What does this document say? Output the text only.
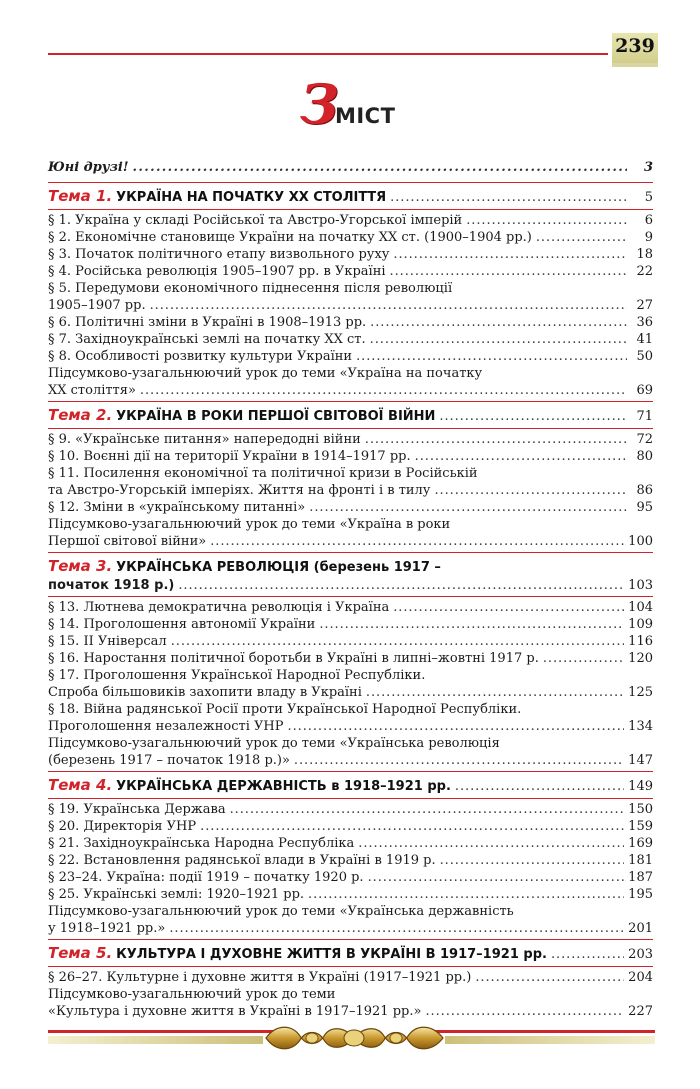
239
ЗМІСТ
Юні друзі! . . .	3
Тема 1. УКРАЇНА НА ПОЧАТКУ XX СТОЛІТТЯ . . .	5
§ 1. Україна у складі Російської та Австро-Угорської імперій . . .	6
§ 2. Економічне становище України на початку XX ст. (1900–1904 рр.) . . .	9
§ 3. Початок політичного етапу визвольного руху . . .	18
§ 4. Російська революція 1905–1907 рр. в Україні . . .	22
§ 5. Передумови економічного піднесення після революції
1905–1907 рр. . . .	27
§ 6. Політичні зміни в Україні в 1908–1913 рр. . . .	36
§ 7. Західноукраїнські землі на початку XX ст. . . .	41
§ 8. Особливості розвитку культури України . . .	50
Підсумково-узагальнюючий урок до теми «Україна на початку
XX століття» . . .	69
Тема 2. УКРАЇНА В РОКИ ПЕРШОЇ СВІТОВОЇ ВІЙНИ . . .	71
§ 9. «Українське питання» напередодні війни . . .	72
§ 10. Воєнні дії на території України в 1914–1917 рр. . . .	80
§ 11. Посилення економічної та політичної кризи в Російській
та Австро-Угорській імперіях. Життя на фронті і в тилу . . .	86
§ 12. Зміни в «українському питанні» . . .	95
Підсумково-узагальнюючий урок до теми «Україна в роки
Першої світової війни» . . .	100
Тема 3. УКРАЇНСЬКА РЕВОЛЮЦІЯ (березень 1917 –
початок 1918 р.) . . .	103
§ 13. Лютнева демократична революція і Україна . . .	104
§ 14. Проголошення автономії України . . .	109
§ 15. ІІ Універсал . . .	116
§ 16. Наростання політичної боротьби в Україні в липні–жовтні 1917 р. . . .	120
§ 17. Проголошення Української Народної Республіки.
Спроба більшовиків захопити владу в Україні . . .	125
§ 18. Війна радянської Росії проти Української Народної Республіки.
Проголошення незалежності УНР . . .	134
Підсумково-узагальнюючий урок до теми «Українська революція
(березень 1917 – початок 1918 р.)» . . .	147
Тема 4. УКРАЇНСЬКА ДЕРЖАВНІСТЬ в 1918–1921 рр. . . .	149
§ 19. Українська Держава . . .	150
§ 20. Директорія УНР . . .	159
§ 21. Західноукраїнська Народна Республіка . . .	169
§ 22. Встановлення радянської влади в Україні в 1919 р. . . .	181
§ 23–24. Україна: події 1919 – початку 1920 р. . . .	187
§ 25. Українські землі: 1920–1921 рр. . . .	195
Підсумково-узагальнюючий урок до теми «Українська державність
у 1918–1921 рр.» . . .	201
Тема 5. КУЛЬТУРА І ДУХОВНЕ ЖИТТЯ В УКРАЇНІ В 1917–1921 рр. . . .	203
§ 26–27. Культурне і духовне життя в Україні (1917–1921 рр.) . . .	204
Підсумково-узагальнюючий урок до теми
«Культура і духовне життя в Україні в 1917–1921 рр.» . . .	227
